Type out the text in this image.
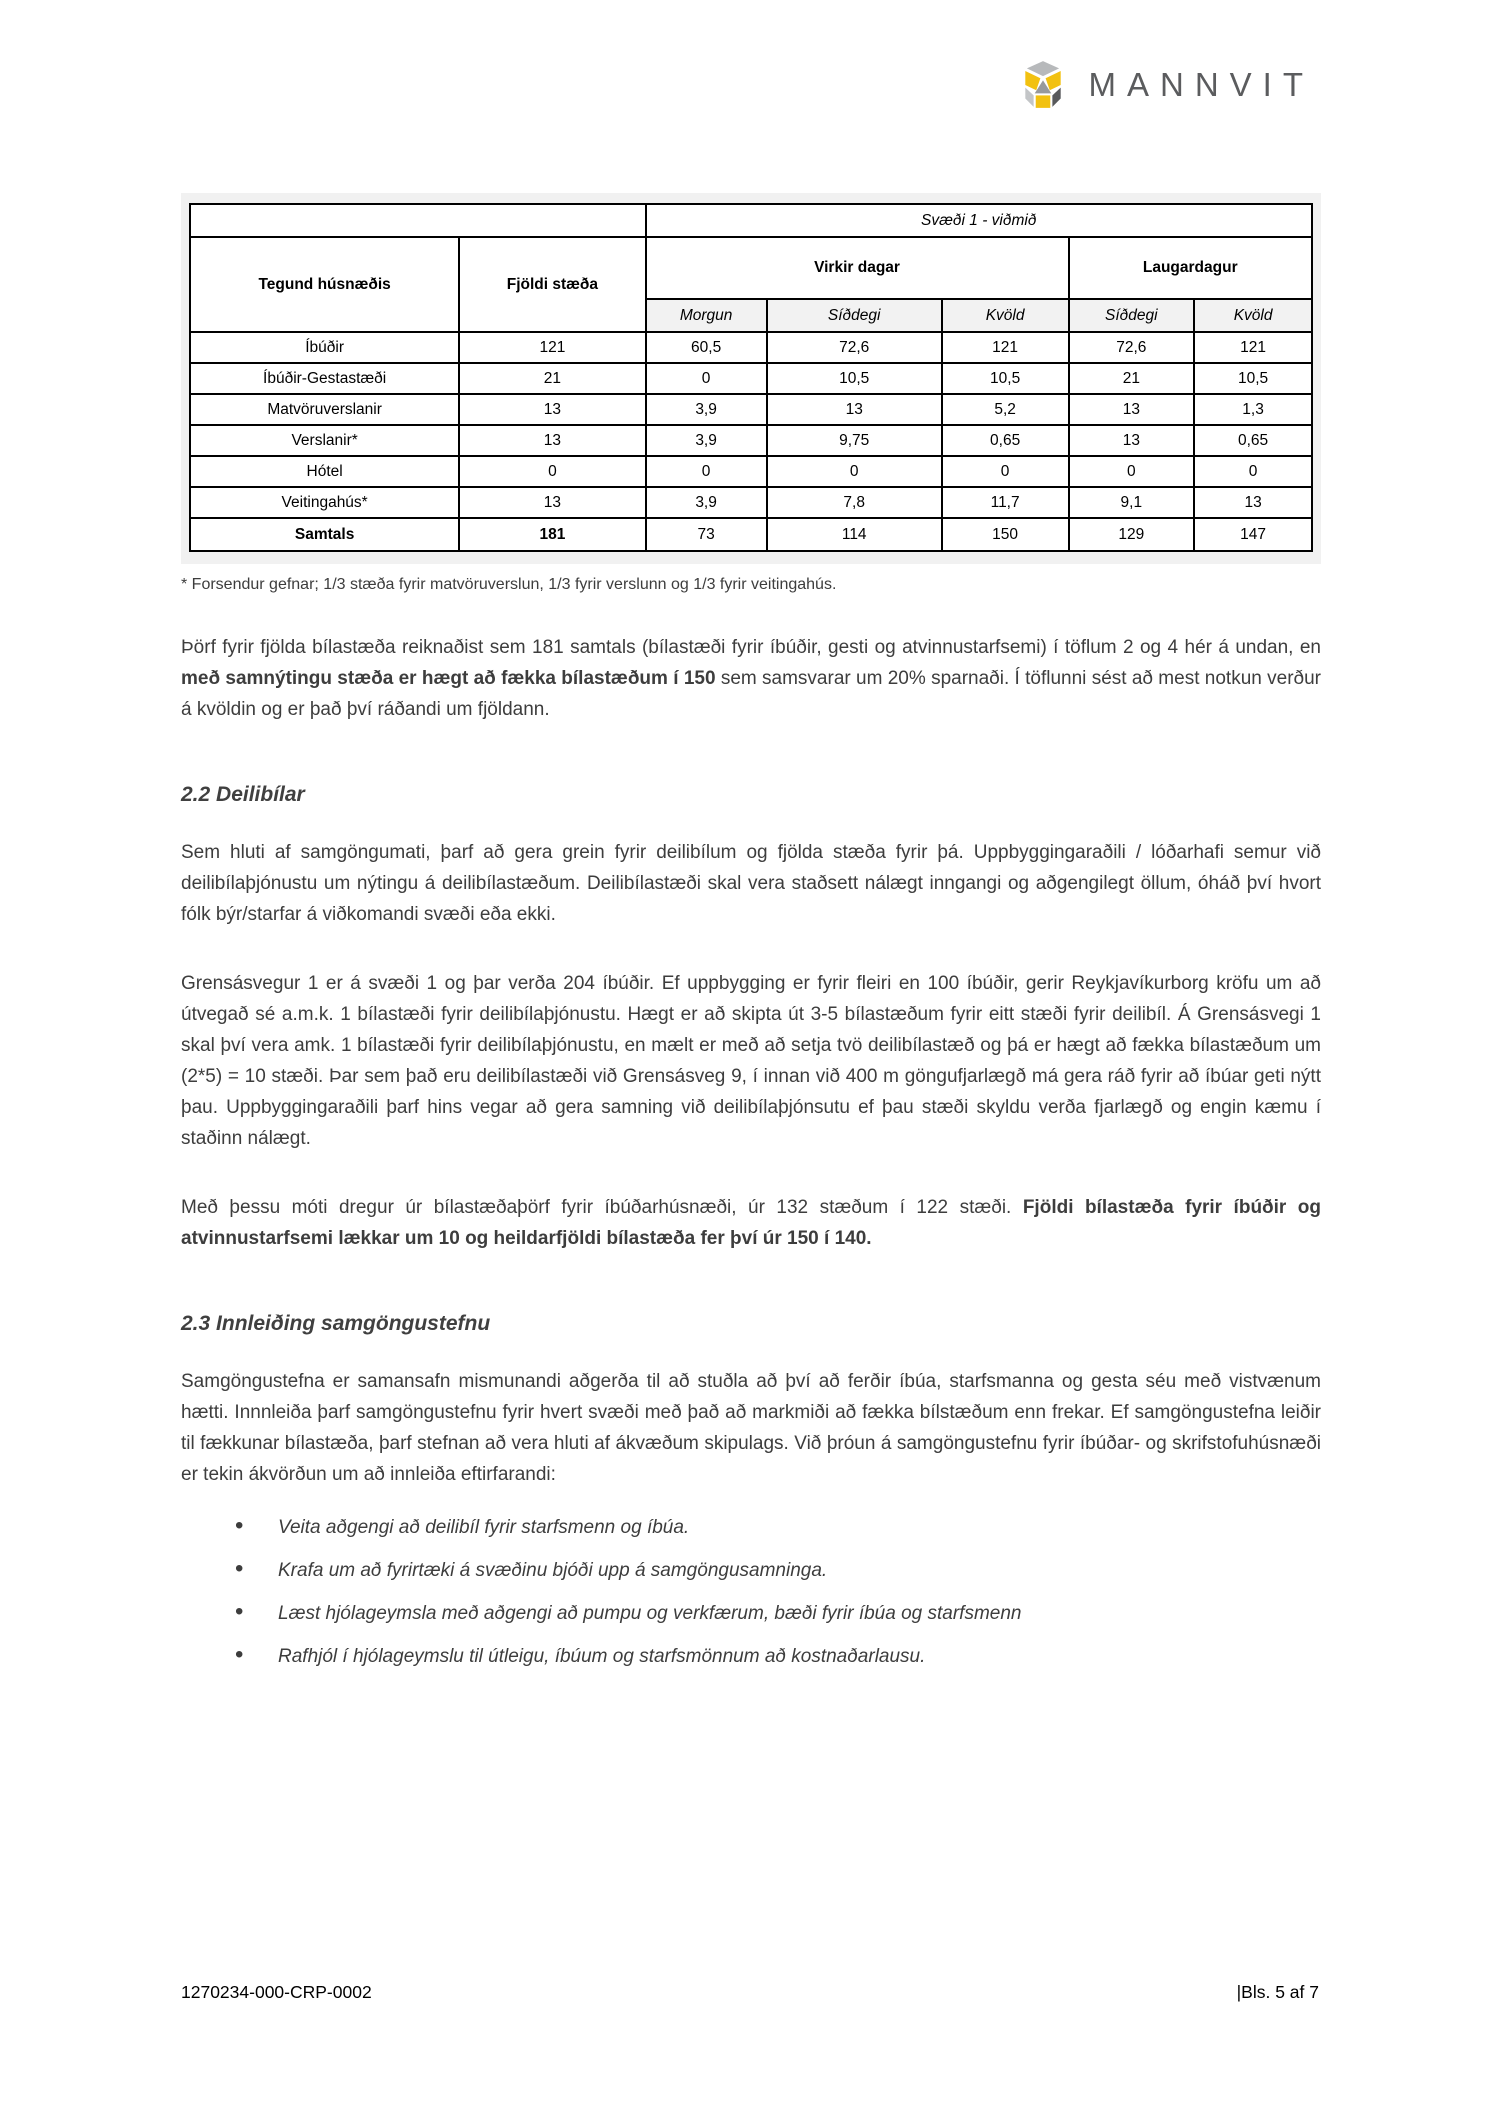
MANNVIT
		Svæði 1 - viðmið				
Tegund húsnæðis	Fjöldi stæða	Virkir dagar			Laugardagur	
		Morgun	Síðdegi	Kvöld	Síðdegi	Kvöld
Íbúðir	121	60,5	72,6	121	72,6	121
Íbúðir-Gestastæði	21	0	10,5	10,5	21	10,5
Matvöruverslanir	13	3,9	13	5,2	13	1,3
Verslanir*	13	3,9	9,75	0,65	13	0,65
Hótel	0	0	0	0	0	0
Veitingahús*	13	3,9	7,8	11,7	9,1	13
Samtals	181	73	114	150	129	147
* Forsendur gefnar; 1/3 stæða fyrir matvöruverslun, 1/3 fyrir verslunn og 1/3 fyrir veitingahús.

Þörf fyrir fjölda bílastæða reiknaðist sem 181 samtals (bílastæði fyrir íbúðir, gesti og atvinnustarfsemi) í töflum 2 og 4 hér á undan, en með samnýtingu stæða er hægt að fækka bílastæðum í 150 sem samsvarar um 20% sparnaði. Í töflunni sést að mest notkun verður á kvöldin og er það því ráðandi um fjöldann.

2.2 Deilibílar

Sem hluti af samgöngumati, þarf að gera grein fyrir deilibílum og fjölda stæða fyrir þá. Uppbyggingaraðili / lóðarhafi semur við deilibílaþjónustu um nýtingu á deilibílastæðum. Deilibílastæði skal vera staðsett nálægt inngangi og aðgengilegt öllum, óháð því hvort fólk býr/starfar á viðkomandi svæði eða ekki.

Grensásvegur 1 er á svæði 1 og þar verða 204 íbúðir. Ef uppbygging er fyrir fleiri en 100 íbúðir, gerir Reykjavíkurborg kröfu um að útvegað sé a.m.k. 1 bílastæði fyrir deilibílaþjónustu. Hægt er að skipta út 3-5 bílastæðum fyrir eitt stæði fyrir deilibíl. Á Grensásvegi 1 skal því vera amk. 1 bílastæði fyrir deilibílaþjónustu, en mælt er með að setja tvö deilibílastæð og þá er hægt að fækka bílastæðum um (2*5) = 10 stæði. Þar sem það eru deilibílastæði við Grensásveg 9, í innan við 400 m göngufjarlægð má gera ráð fyrir að íbúar geti nýtt þau. Uppbyggingaraðili þarf hins vegar að gera samning við deilibílaþjónsutu ef þau stæði skyldu verða fjarlægð og engin kæmu í staðinn nálægt.

Með þessu móti dregur úr bílastæðaþörf fyrir íbúðarhúsnæði, úr 132 stæðum í 122 stæði. Fjöldi bílastæða fyrir íbúðir og atvinnustarfsemi lækkar um 10 og heildarfjöldi bílastæða fer því úr 150 í 140.

2.3 Innleiðing samgöngustefnu

Samgöngustefna er samansafn mismunandi aðgerða til að stuðla að því að ferðir íbúa, starfsmanna og gesta séu með vistvænum hætti. Innnleiða þarf samgöngustefnu fyrir hvert svæði með það að markmiði að fækka bílstæðum enn frekar. Ef samgöngustefna leiðir til fækkunar bílastæða, þarf stefnan að vera hluti af ákvæðum skipulags. Við þróun á samgöngustefnu fyrir íbúðar- og skrifstofuhúsnæði er tekin ákvörðun um að innleiða eftirfarandi:

• Veita aðgengi að deilibíl fyrir starfsmenn og íbúa.
• Krafa um að fyrirtæki á svæðinu bjóði upp á samgöngusamninga.
• Læst hjólageymsla með aðgengi að pumpu og verkfærum, bæði fyrir íbúa og starfsmenn
• Rafhjól í hjólageymslu til útleigu, íbúum og starfsmönnum að kostnaðarlausu.
1270234-000-CRP-0002	|Bls. 5 af 7
